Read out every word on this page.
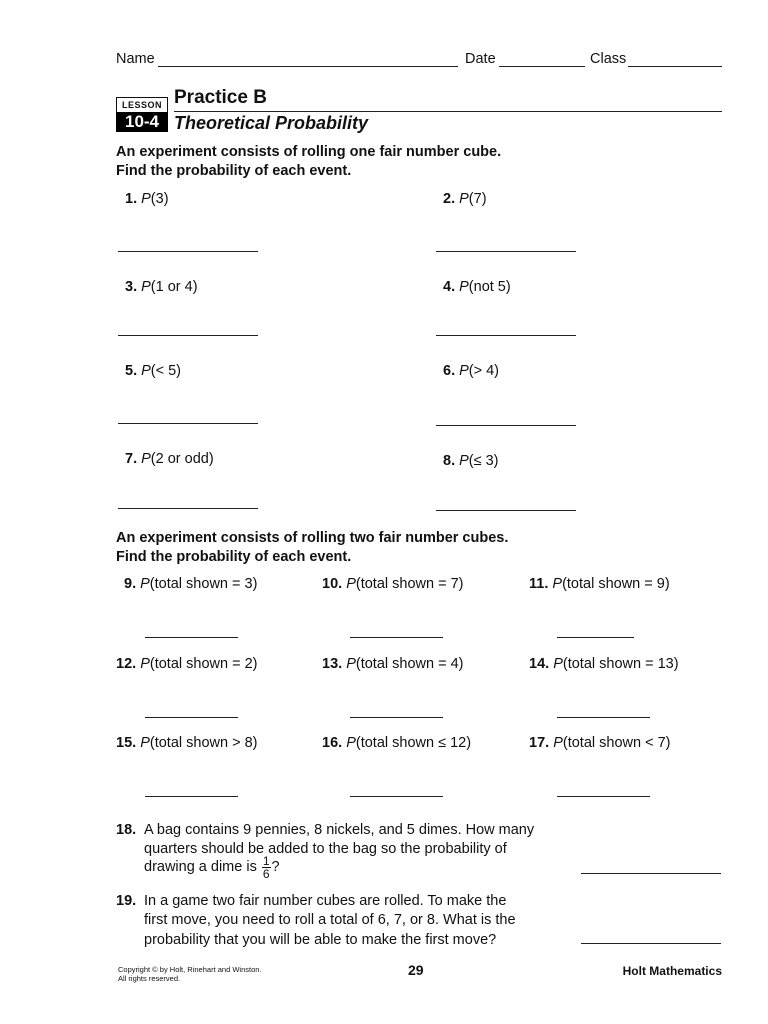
Name	Date	Class
LESSON
10-4
Practice B
Theoretical Probability
An experiment consists of rolling one fair number cube.
Find the probability of each event.
1. P(3)	2. P(7)
3. P(1 or 4)	4. P(not 5)
5. P(< 5)	6. P(> 4)
7. P(2 or odd)	8. P(≤ 3)
An experiment consists of rolling two fair number cubes.
Find the probability of each event.
9. P(total shown = 3)	10. P(total shown = 7)	11. P(total shown = 9)
12. P(total shown = 2)	13. P(total shown = 4)	14. P(total shown = 13)
15. P(total shown > 8)	16. P(total shown ≤ 12)	17. P(total shown < 7)
18. A bag contains 9 pennies, 8 nickels, and 5 dimes. How many
quarters should be added to the bag so the probability of
drawing a dime is
$\frac{1}{6}$ ?
19. In a game two fair number cubes are rolled. To make the
first move, you need to roll a total of 6, 7, or 8. What is the
probability that you will be able to make the first move?
Copyright © by Holt, Rinehart and Winston.
All rights reserved.
29	Holt Mathematics
